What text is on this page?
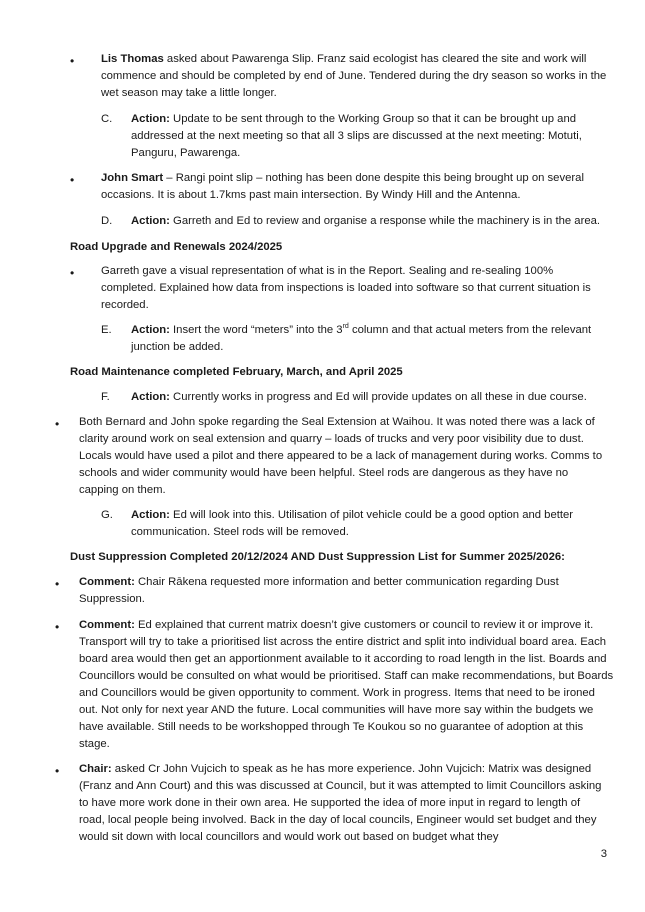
• Lis Thomas asked about Pawarenga Slip. Franz said ecologist has cleared the site and work will commence and should be completed by end of June. Tendered during the dry season so works in the wet season may take a little longer.

C. Action: Update to be sent through to the Working Group so that it can be brought up and addressed at the next meeting so that all 3 slips are discussed at the next meeting: Motuti, Panguru, Pawarenga.

• John Smart – Rangi point slip – nothing has been done despite this being brought up on several occasions. It is about 1.7kms past main intersection. By Windy Hill and the Antenna.

D. Action: Garreth and Ed to review and organise a response while the machinery is in the area.

Road Upgrade and Renewals 2024/2025

• Garreth gave a visual representation of what is in the Report. Sealing and re-sealing 100% completed. Explained how data from inspections is loaded into software so that current situation is recorded.

E. Action: Insert the word “meters” into the 3rd column and that actual meters from the relevant junction be added.

Road Maintenance completed February, March, and April 2025

F. Action: Currently works in progress and Ed will provide updates on all these in due course.

• Both Bernard and John spoke regarding the Seal Extension at Waihou. It was noted there was a lack of clarity around work on seal extension and quarry – loads of trucks and very poor visibility due to dust. Locals would have used a pilot and there appeared to be a lack of management during works. Comms to schools and wider community would have been helpful. Steel rods are dangerous as they have no capping on them.

G. Action: Ed will look into this. Utilisation of pilot vehicle could be a good option and better communication. Steel rods will be removed.

Dust Suppression Completed 20/12/2024 AND Dust Suppression List for Summer 2025/2026:

• Comment: Chair Rākena requested more information and better communication regarding Dust Suppression.

• Comment: Ed explained that current matrix doesn’t give customers or council to review it or improve it. Transport will try to take a prioritised list across the entire district and split into individual board area. Each board area would then get an apportionment available to it according to road length in the list. Boards and Councillors would be consulted on what would be prioritised. Staff can make recommendations, but Boards and Councillors would be given opportunity to comment. Work in progress. Items that need to be ironed out. Not only for next year AND the future. Local communities will have more say within the budgets we have available. Still needs to be workshopped through Te Koukou so no guarantee of adoption at this stage.

• Chair: asked Cr John Vujcich to speak as he has more experience. John Vujcich: Matrix was designed (Franz and Ann Court) and this was discussed at Council, but it was attempted to limit Councillors asking to have more work done in their own area. He supported the idea of more input in regard to length of road, local people being involved. Back in the day of local councils, Engineer would set budget and they would sit down with local councillors and would work out based on budget what they

3
